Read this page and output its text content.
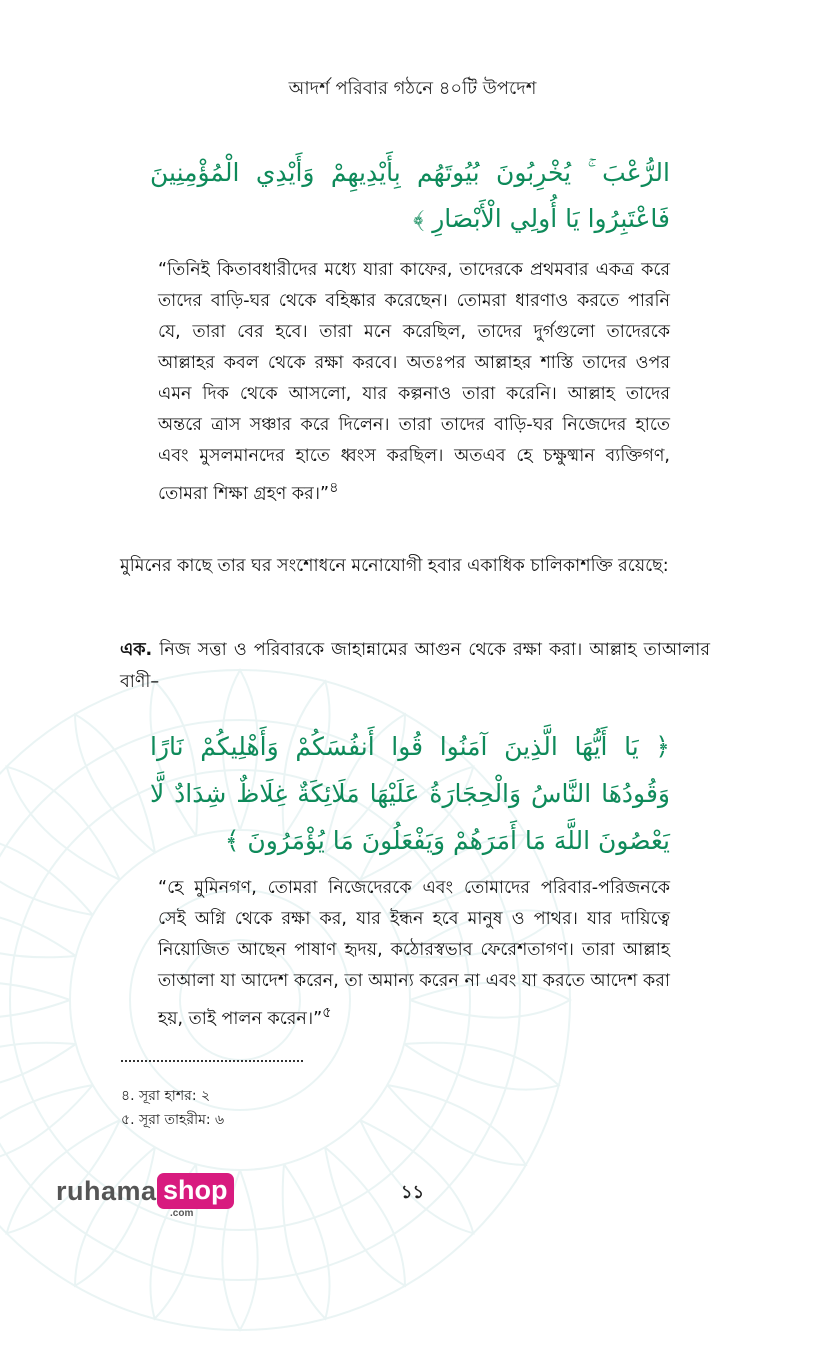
আদর্শ পরিবার গঠনে ৪০টি উপদেশ
الرُّعْبَ ۚ يُخْرِبُونَ بُيُوتَهُم بِأَيْدِيهِمْ وَأَيْدِي الْمُؤْمِنِينَ فَاعْتَبِرُوا يَا أُولِي الْأَبْصَارِ ﴾
“তিনিই কিতাবধারীদের মধ্যে যারা কাফের, তাদেরকে প্রথমবার একত্র করে তাদের বাড়ি-ঘর থেকে বহিষ্কার করেছেন। তোমরা ধারণাও করতে পারনি যে, তারা বের হবে। তারা মনে করেছিল, তাদের দুর্গগুলো তাদেরকে আল্লাহর কবল থেকে রক্ষা করবে। অতঃপর আল্লাহর শাস্তি তাদের ওপর এমন দিক থেকে আসলো, যার কল্পনাও তারা করেনি। আল্লাহ তাদের অন্তরে ত্রাস সঞ্চার করে দিলেন। তারা তাদের বাড়ি-ঘর নিজেদের হাতে এবং মুসলমানদের হাতে ধ্বংস করছিল। অতএব হে চক্ষুষ্মান ব্যক্তিগণ, তোমরা শিক্ষা গ্রহণ কর।”$^৪$
মুমিনের কাছে তার ঘর সংশোধনে মনোযোগী হবার একাধিক চালিকাশক্তি রয়েছে:
এক. নিজ সত্তা ও পরিবারকে জাহান্নামের আগুন থেকে রক্ষা করা। আল্লাহ তাআলার বাণী–
﴿ يَا أَيُّهَا الَّذِينَ آمَنُوا قُوا أَنفُسَكُمْ وَأَهْلِيكُمْ نَارًا وَقُودُهَا النَّاسُ وَالْحِجَارَةُ عَلَيْهَا مَلَائِكَةٌ غِلَاظٌ شِدَادٌ لَّا يَعْصُونَ اللَّهَ مَا أَمَرَهُمْ وَيَفْعَلُونَ مَا يُؤْمَرُونَ ﴾
“হে মুমিনগণ, তোমরা নিজেদেরকে এবং তোমাদের পরিবার-পরিজনকে সেই অগ্নি থেকে রক্ষা কর, যার ইন্ধন হবে মানুষ ও পাথর। যার দায়িত্বে নিয়োজিত আছেন পাষাণ হৃদয়, কঠোরস্বভাব ফেরেশতাগণ। তারা আল্লাহ তাআলা যা আদেশ করেন, তা অমান্য করেন না এবং যা করতে আদেশ করা হয়, তাই পালন করেন।”$^৫$
৪. সূরা হাশর: ২
৫. সূরা তাহরীম: ৬
ruhama shop
.com
১১
